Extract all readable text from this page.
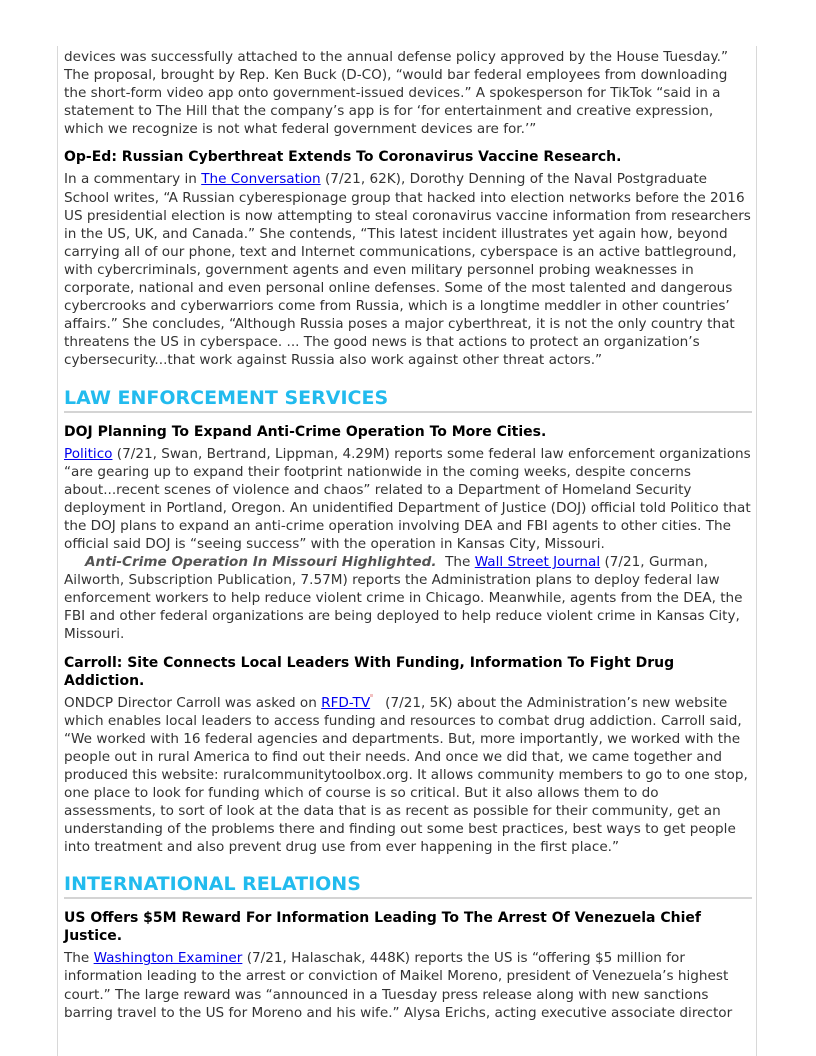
devices was successfully attached to the annual defense policy approved by the House Tuesday.” The proposal, brought by Rep. Ken Buck (D-CO), “would bar federal employees from downloading the short-form video app onto government-issued devices.” A spokesperson for TikTok “said in a statement to The Hill that the company’s app is for ‘for entertainment and creative expression, which we recognize is not what federal government devices are for.’”

Op-Ed: Russian Cyberthreat Extends To Coronavirus Vaccine Research.

In a commentary in The Conversation (7/21, 62K), Dorothy Denning of the Naval Postgraduate School writes, “A Russian cyberespionage group that hacked into election networks before the 2016 US presidential election is now attempting to steal coronavirus vaccine information from researchers in the US, UK, and Canada.” She contends, “This latest incident illustrates yet again how, beyond carrying all of our phone, text and Internet communications, cyberspace is an active battleground, with cybercriminals, government agents and even military personnel probing weaknesses in corporate, national and even personal online defenses. Some of the most talented and dangerous cybercrooks and cyberwarriors come from Russia, which is a longtime meddler in other countries’ affairs.” She concludes, “Although Russia poses a major cyberthreat, it is not the only country that threatens the US in cyberspace. ... The good news is that actions to protect an organization’s cybersecurity...that work against Russia also work against other threat actors.”

LAW ENFORCEMENT SERVICES
DOJ Planning To Expand Anti-Crime Operation To More Cities.

Politico (7/21, Swan, Bertrand, Lippman, 4.29M) reports some federal law enforcement organizations “are gearing up to expand their footprint nationwide in the coming weeks, despite concerns about...recent scenes of violence and chaos” related to a Department of Homeland Security deployment in Portland, Oregon. An unidentified Department of Justice (DOJ) official told Politico that the DOJ plans to expand an anti-crime operation involving DEA and FBI agents to other cities. The official said DOJ is “seeing success” with the operation in Kansas City, Missouri.

Anti-Crime Operation In Missouri Highlighted.  The Wall Street Journal (7/21, Gurman, Ailworth, Subscription Publication, 7.57M) reports the Administration plans to deploy federal law enforcement workers to help reduce violent crime in Chicago. Meanwhile, agents from the DEA, the FBI and other federal organizations are being deployed to help reduce violent crime in Kansas City, Missouri.

Carroll: Site Connects Local Leaders With Funding, Information To Fight Drug Addiction.

ONDCP Director Carroll was asked on RFD-TV (7/21, 5K) about the Administration’s new website which enables local leaders to access funding and resources to combat drug addiction. Carroll said, “We worked with 16 federal agencies and departments. But, more importantly, we worked with the people out in rural America to find out their needs. And once we did that, we came together and produced this website: ruralcommunitytoolbox.org. It allows community members to go to one stop, one place to look for funding which of course is so critical. But it also allows them to do assessments, to sort of look at the data that is as recent as possible for their community, get an understanding of the problems there and finding out some best practices, best ways to get people into treatment and also prevent drug use from ever happening in the first place.”

INTERNATIONAL RELATIONS
US Offers $5M Reward For Information Leading To The Arrest Of Venezuela Chief Justice.

The Washington Examiner (7/21, Halaschak, 448K) reports the US is “offering $5 million for information leading to the arrest or conviction of Maikel Moreno, president of Venezuela’s highest court.” The large reward was “announced in a Tuesday press release along with new sanctions barring travel to the US for Moreno and his wife.” Alysa Erichs, acting executive associate director
